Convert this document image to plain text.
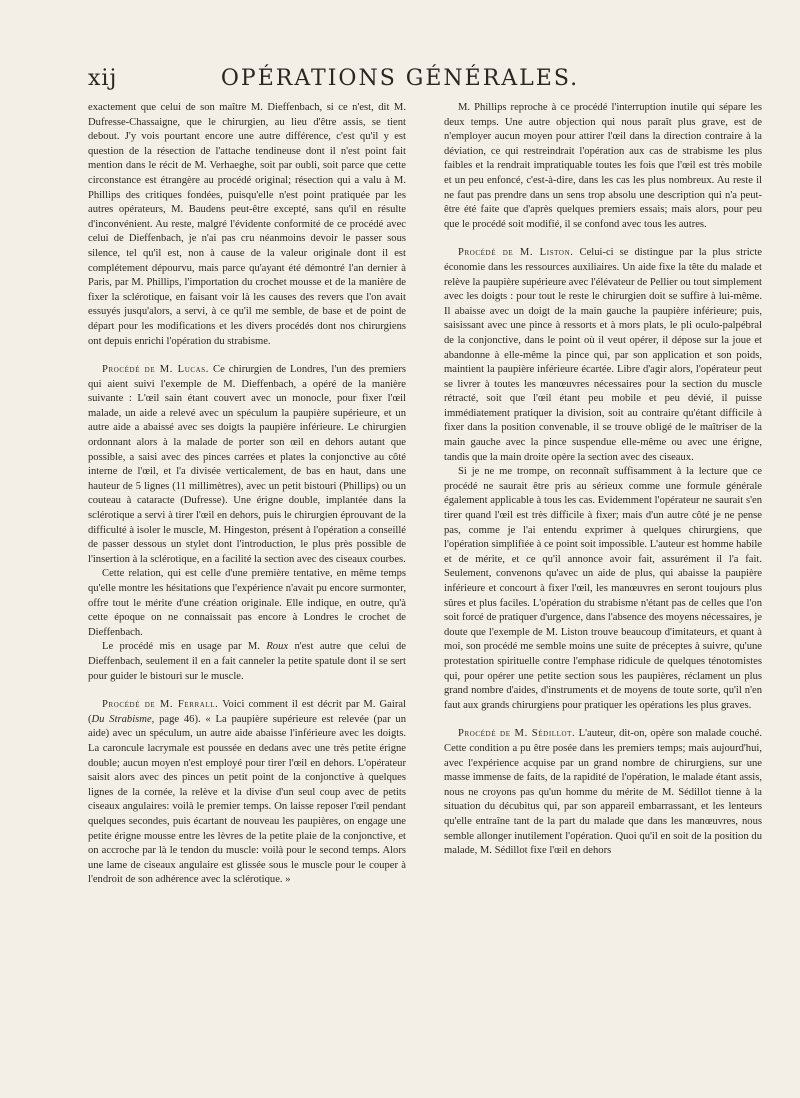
xij	OPÉRATIONS GÉNÉRALES.

exactement que celui de son maître M. Dieffenbach, si ce n'est, dit M. Dufresse-Chassaigne, que le chirurgien, au lieu d'être assis, se tient debout. J'y vois pourtant encore une autre différence, c'est qu'il y est question de la résection de l'attache tendineuse dont il n'est point fait mention dans le récit de M. Verhaeghe, soit par oubli, soit parce que cette circonstance est étrangère au procédé original; résection qui a valu à M. Phillips des critiques fondées, puisqu'elle n'est point pratiquée par les autres opérateurs, M. Baudens peut-être excepté, sans qu'il en résulte d'inconvénient. Au reste, malgré l'évidente conformité de ce procédé avec celui de Dieffenbach, je n'ai pas cru néanmoins devoir le passer sous silence, tel qu'il est, non à cause de la valeur originale dont il est complétement dépourvu, mais parce qu'ayant été démontré l'an dernier à Paris, par M. Phillips, l'importation du crochet mousse et de la manière de fixer la sclérotique, en faisant voir là les causes des revers que l'on avait essuyés jusqu'alors, a servi, à ce qu'il me semble, de base et de point de départ pour les modifications et les divers procédés dont nos chirurgiens ont depuis enrichi l'opération du strabisme.

Procédé de M. Lucas. Ce chirurgien de Londres, l'un des premiers qui aient suivi l'exemple de M. Dieffenbach, a opéré de la manière suivante : L'œil sain étant couvert avec un monocle, pour fixer l'œil malade, un aide a relevé avec un spéculum la paupière supérieure, et un autre aide a abaissé avec ses doigts la paupière inférieure. Le chirurgien ordonnant alors à la malade de porter son œil en dehors autant que possible, a saisi avec des pinces carrées et plates la conjonctive au côté interne de l'œil, et l'a divisée verticalement, de bas en haut, dans une hauteur de 5 lignes (11 millimètres), avec un petit bistouri (Phillips) ou un couteau à cataracte (Dufresse). Une érigne double, implantée dans la sclérotique a servi à tirer l'œil en dehors, puis le chirurgien éprouvant de la difficulté à isoler le muscle, M. Hingeston, présent à l'opération a conseillé de passer dessous un stylet dont l'introduction, le plus près possible de l'insertion à la sclérotique, en a facilité la section avec des ciseaux courbes.

Cette relation, qui est celle d'une première tentative, en même temps qu'elle montre les hésitations que l'expérience n'avait pu encore surmonter, offre tout le mérite d'une création originale. Elle indique, en outre, qu'à cette époque on ne connaissait pas encore à Londres le crochet de Dieffenbach.

Le procédé mis en usage par M. Roux n'est autre que celui de Dieffenbach, seulement il en a fait canneler la petite spatule dont il se sert pour guider le bistouri sur le muscle.

Procédé de M. Ferrall. Voici comment il est décrit par M. Gairal (Du Strabisme, page 46). « La paupière supérieure est relevée (par un aide) avec un spéculum, un autre aide abaisse l'inférieure avec les doigts. La caroncule lacrymale est poussée en dedans avec une très petite érigne double; aucun moyen n'est employé pour tirer l'œil en dehors. L'opérateur saisit alors avec des pinces un petit point de la conjonctive à quelques lignes de la cornée, la relève et la divise d'un seul coup avec de petits ciseaux angulaires: voilà le premier temps. On laisse reposer l'œil pendant quelques secondes, puis écartant de nouveau les paupières, on engage une petite érigne mousse entre les lèvres de la petite plaie de la conjonctive, et on accroche par là le tendon du muscle: voilà pour le second temps. Alors une lame de ciseaux angulaire est glissée sous le muscle pour le couper à l'endroit de son adhérence avec la sclérotique. »

M. Phillips reproche à ce procédé l'interruption inutile qui sépare les deux temps. Une autre objection qui nous paraît plus grave, est de n'employer aucun moyen pour attirer l'œil dans la direction contraire à la déviation, ce qui restreindrait l'opération aux cas de strabisme les plus faibles et la rendrait impratiquable toutes les fois que l'œil est très mobile et un peu enfoncé, c'est-à-dire, dans les cas les plus nombreux. Au reste il ne faut pas prendre dans un sens trop absolu une description qui n'a peut-être été faite que d'après quelques premiers essais; mais alors, pour peu que le procédé soit modifié, il se confond avec tous les autres.

Procédé de M. Liston. Celui-ci se distingue par la plus stricte économie dans les ressources auxiliaires. Un aide fixe la tête du malade et relève la paupière supérieure avec l'élévateur de Pellier ou tout simplement avec les doigts : pour tout le reste le chirurgien doit se suffire à lui-même. Il abaisse avec un doigt de la main gauche la paupière inférieure; puis, saisissant avec une pince à ressorts et à mors plats, le pli oculo-palpébral de la conjonctive, dans le point où il veut opérer, il dépose sur la joue et abandonne à elle-même la pince qui, par son application et son poids, maintient la paupière inférieure écartée. Libre d'agir alors, l'opérateur peut se livrer à toutes les manœuvres nécessaires pour la section du muscle rétracté, soit que l'œil étant peu mobile et peu dévié, il puisse immédiatement pratiquer la division, soit au contraire qu'étant difficile à fixer dans la position convenable, il se trouve obligé de le maîtriser de la main gauche avec la pince suspendue elle-même ou avec une érigne, tandis que la main droite opère la section avec des ciseaux.

Si je ne me trompe, on reconnaît suffisamment à la lecture que ce procédé ne saurait être pris au sérieux comme une formule générale également applicable à tous les cas. Evidemment l'opérateur ne saurait s'en tirer quand l'œil est très difficile à fixer; mais d'un autre côté je ne pense pas, comme je l'ai entendu exprimer à quelques chirurgiens, que l'opération simplifiée à ce point soit impossible. L'auteur est homme habile et de mérite, et ce qu'il annonce avoir fait, assurément il l'a fait. Seulement, convenons qu'avec un aide de plus, qui abaisse la paupière inférieure et concourt à fixer l'œil, les manœuvres en seront toujours plus sûres et plus faciles. L'opération du strabisme n'étant pas de celles que l'on soit forcé de pratiquer d'urgence, dans l'absence des moyens nécessaires, je doute que l'exemple de M. Liston trouve beaucoup d'imitateurs, et quant à moi, son procédé me semble moins une suite de préceptes à suivre, qu'une protestation spirituelle contre l'emphase ridicule de quelques ténotomistes qui, pour opérer une petite section sous les paupières, réclament un plus grand nombre d'aides, d'instruments et de moyens de toute sorte, qu'il n'en faut aux grands chirurgiens pour pratiquer les opérations les plus graves.

Procédé de M. Sédillot. L'auteur, dit-on, opère son malade couché. Cette condition a pu être posée dans les premiers temps; mais aujourd'hui, avec l'expérience acquise par un grand nombre de chirurgiens, sur une masse immense de faits, de la rapidité de l'opération, le malade étant assis, nous ne croyons pas qu'un homme du mérite de M. Sédillot tienne à la situation du décubitus qui, par son appareil embarrassant, et les lenteurs qu'elle entraîne tant de la part du malade que dans les manœuvres, nous semble allonger inutilement l'opération. Quoi qu'il en soit de la position du malade, M. Sédillot fixe l'œil en dehors
